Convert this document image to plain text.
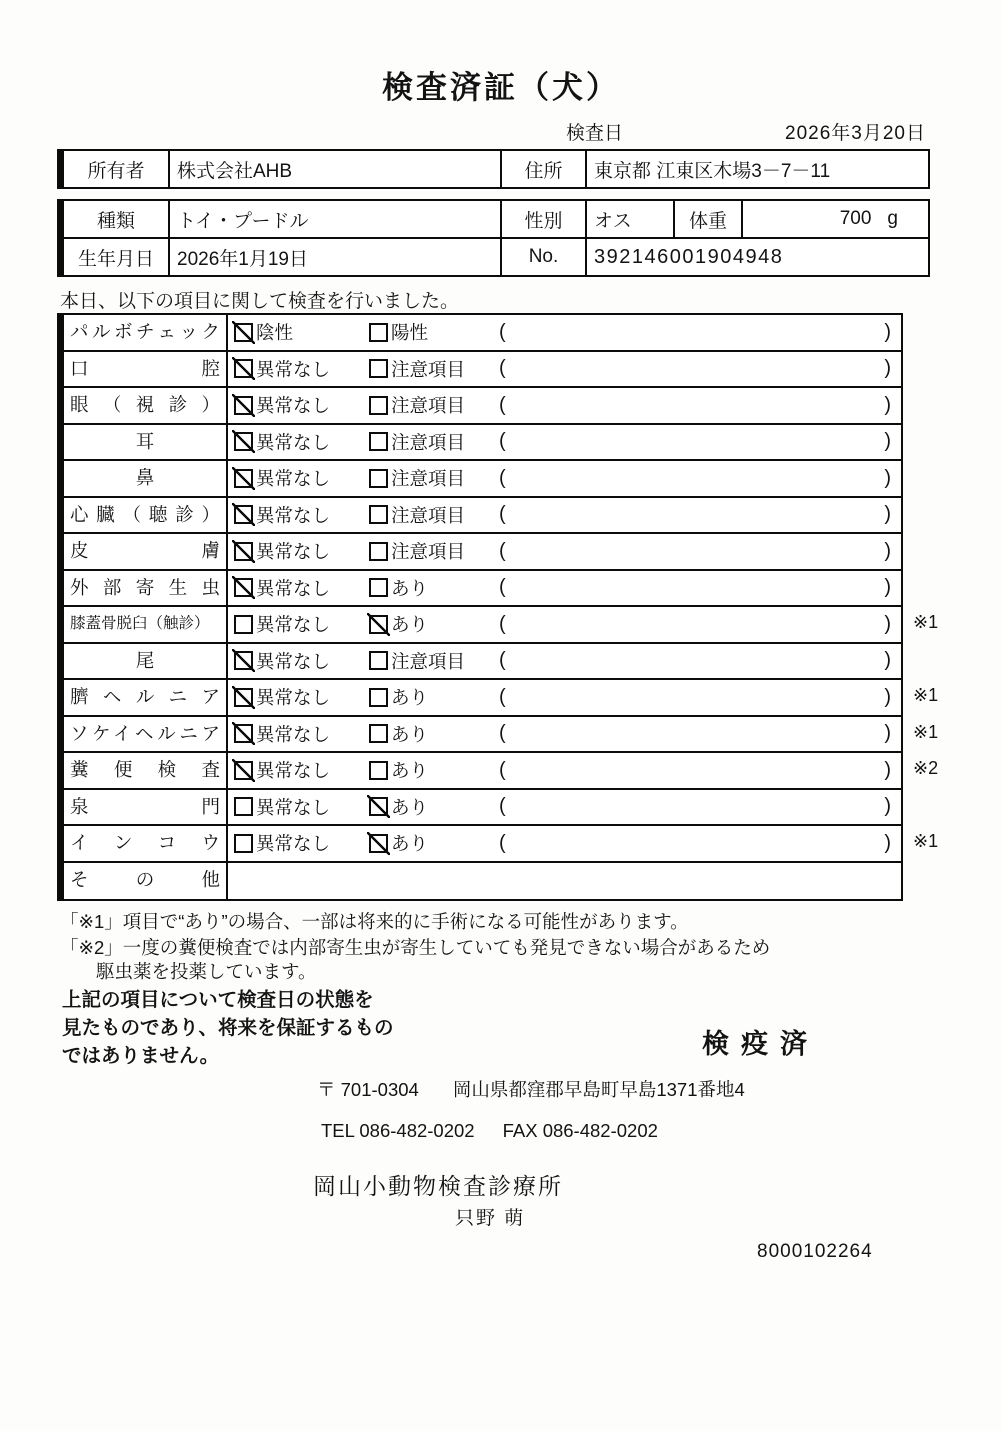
検査済証（犬）
検査日	2026年3月20日
所有者	株式会社AHB	住所	東京都 江東区木場3－7－11
種類	トイ・プードル	性別	オス	体重	700 g
生年月日	2026年1月19日	No.	392146001904948
本日、以下の項目に関して検査を行いました。
パルボチェック	陰性	陽性	(	)
口腔	異常なし	注意項目 (	)
眼（視診）	異常なし	注意項目 (	)
耳	異常なし	注意項目 (	)
鼻	異常なし	注意項目 (	)
心臓（聴診）	異常なし	注意項目 (	)
皮膚	異常なし	注意項目 (	)
外部寄生虫	異常なし	あり	(	)
膝蓋骨脱臼（触診）	異常なし	あり	(	) ※1
尾	異常なし	注意項目 (	)
臍ヘルニア	異常なし	あり	(	) ※1
ソケイヘルニア	異常なし	あり	(	) ※1
糞便検査	異常なし	あり	(	) ※2
泉門	異常なし	あり	(	)
インコウ	異常なし	あり	(	) ※1
その他
「※1」項目で“あり”の場合、一部は将来的に手術になる可能性があります。
「※2」一度の糞便検査では内部寄生虫が寄生していても発見できない場合があるため
駆虫薬を投薬しています。
上記の項目について検査日の状態を
見たものであり、将来を保証するもの
ではありません。	検疫済
〒 701-0304 岡山県都窪郡早島町早島1371番地4
TEL 086-482-0202 FAX 086-482-0202
岡山小動物検査診療所
只野 萌
8000102264
